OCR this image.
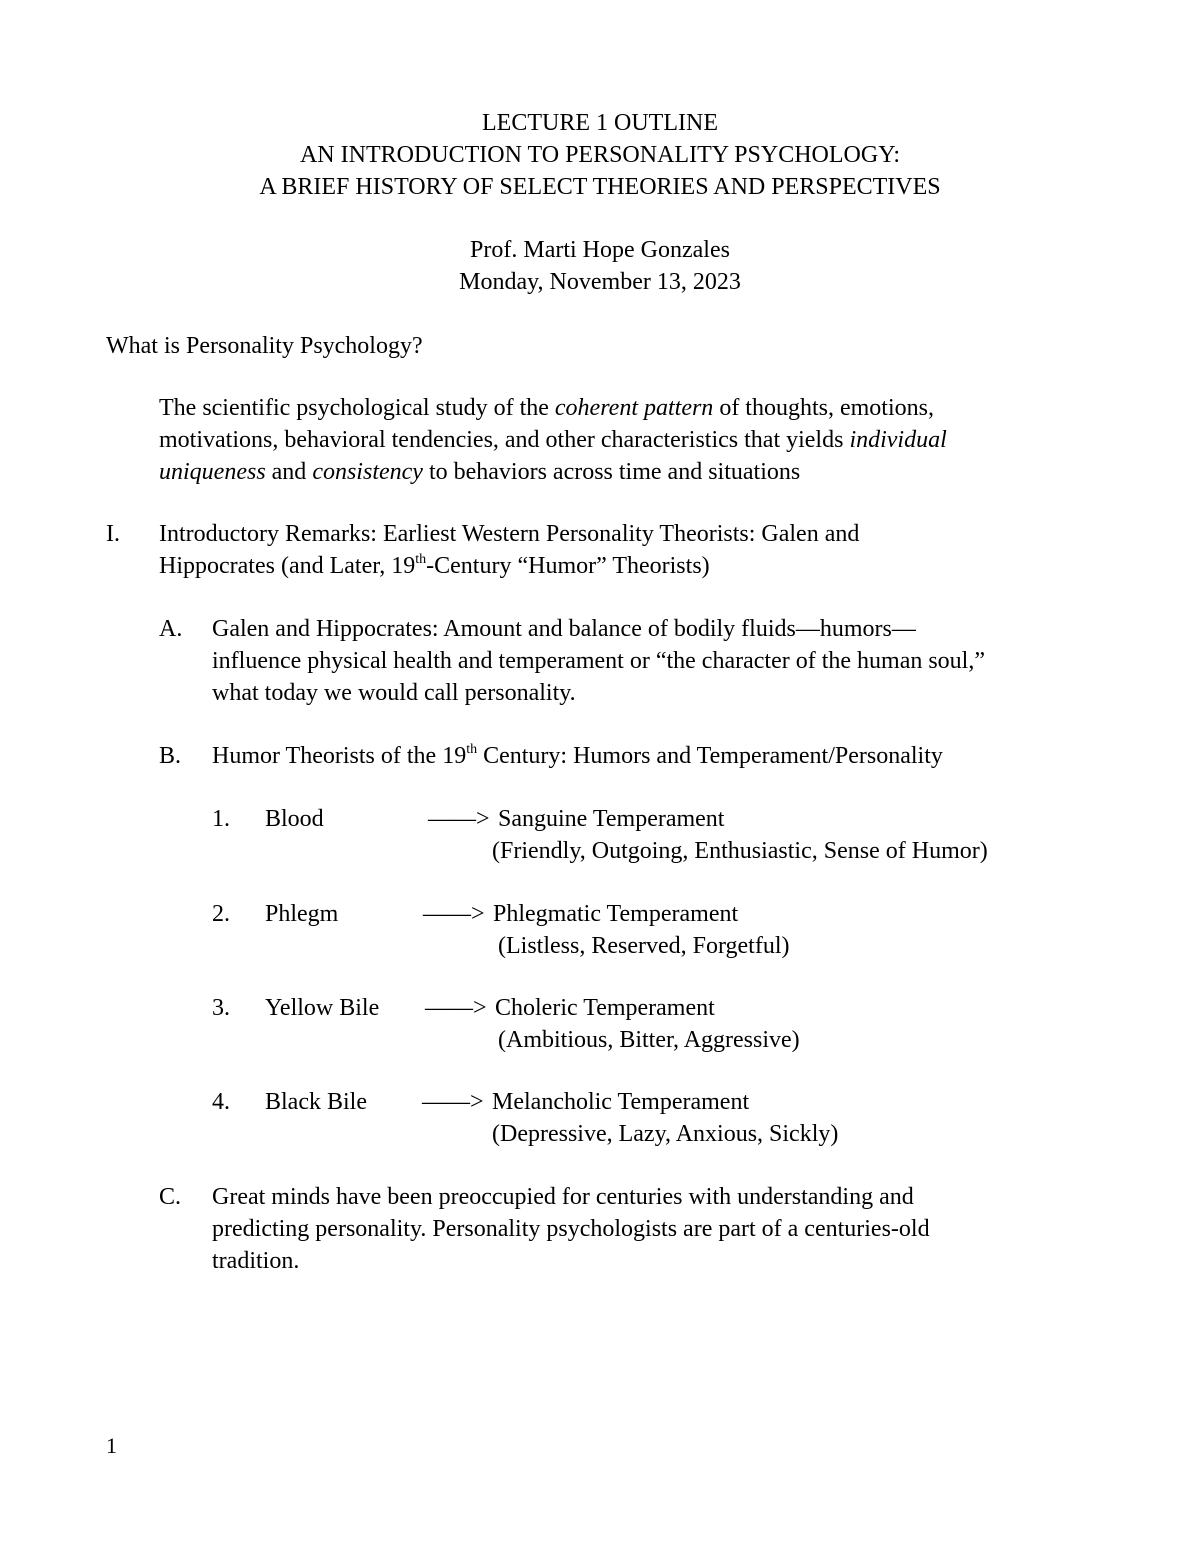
LECTURE 1 OUTLINE
AN INTRODUCTION TO PERSONALITY PSYCHOLOGY:
A BRIEF HISTORY OF SELECT THEORIES AND PERSPECTIVES
Prof. Marti Hope Gonzales
Monday, November 13, 2023
What is Personality Psychology?
The scientific psychological study of the coherent pattern of thoughts, emotions,
motivations, behavioral tendencies, and other characteristics that yields individual
uniqueness and consistency to behaviors across time and situations
I. Introductory Remarks: Earliest Western Personality Theorists: Galen and
Hippocrates (and Later, 19th-Century “Humor” Theorists)
A. Galen and Hippocrates: Amount and balance of bodily fluids—humors—
influence physical health and temperament or “the character of the human soul,”
what today we would call personality.
B. Humor Theorists of the 19th Century: Humors and Temperament/Personality
1. Blood	——> Sanguine Temperament
(Friendly, Outgoing, Enthusiastic, Sense of Humor)
2. Phlegm	——> Phlegmatic Temperament
(Listless, Reserved, Forgetful)
3. Yellow Bile ——> Choleric Temperament
(Ambitious, Bitter, Aggressive)
4. Black Bile ——> Melancholic Temperament
(Depressive, Lazy, Anxious, Sickly)
C. Great minds have been preoccupied for centuries with understanding and
predicting personality. Personality psychologists are part of a centuries-old
tradition.
1
